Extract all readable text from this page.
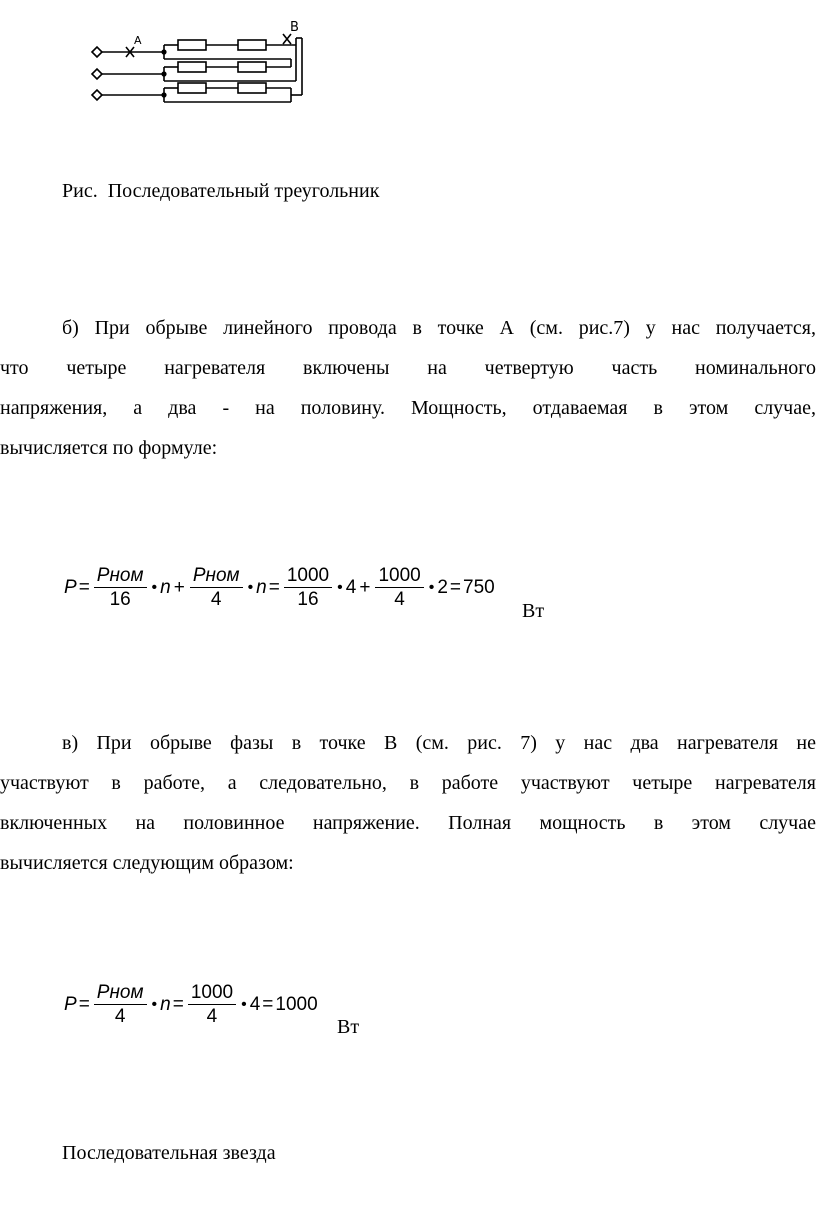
A
B
Рис.  Последовательный треугольник
б) При обрыве линейного провода в точке А (см. рис.7) у нас получается,
что четыре нагревателя включены на четвертую часть номинального
напряжения, а два - на половину. Мощность, отдаваемая в этом случае,
вычисляется по формуле:
$P = \frac{\text{Pном}}{16}$ • $n + \frac{\text{Pном}}{4}$ • $n = \frac{1000}{16}$ • $4 + \frac{1000}{4}$ • 2 = 750
Вт
в) При обрыве фазы в точке В (см. рис. 7) у нас два нагревателя не
участвуют в работе, а следовательно, в работе участвуют четыре нагревателя
включенных на половинное напряжение. Полная мощность в этом случае
вычисляется следующим образом:
$P = \frac{\text{Pном}}{4}$ • $n = \frac{1000}{4}$ • 4 = 1000
Вт
Последовательная звезда
